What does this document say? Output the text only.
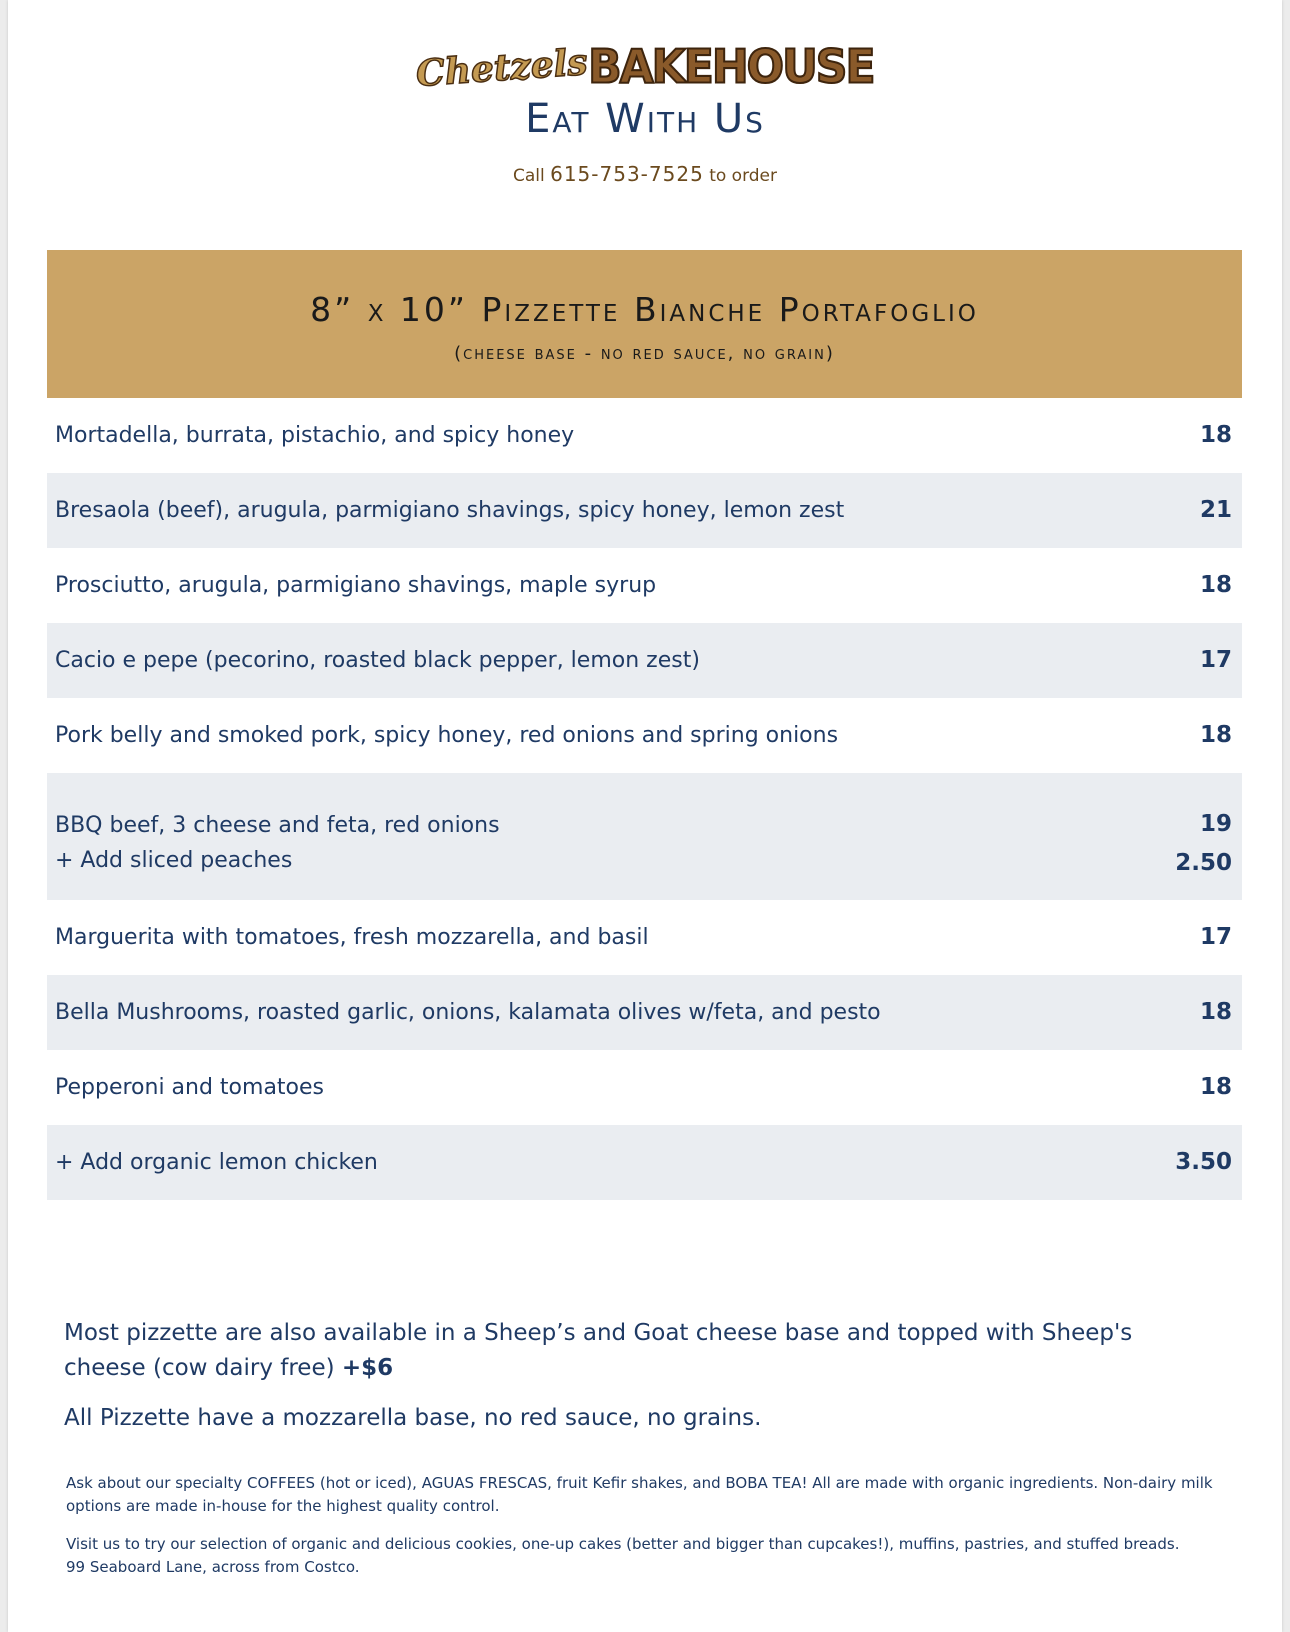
ChetzelsBAKEHOUSE
Eat With Us
Call 615-753-7525 to order
8” x 10” Pizzette Bianche Portafoglio
(cheese base - no red sauce, no grain)
Mortadella, burrata, pistachio, and spicy honey	18
Bresaola (beef), arugula, parmigiano shavings, spicy honey, lemon zest	21
Prosciutto, arugula, parmigiano shavings, maple syrup	18
Cacio e pepe (pecorino, roasted black pepper, lemon zest)	17
Pork belly and smoked pork, spicy honey, red onions and spring onions	18
BBQ beef, 3 cheese and feta, red onions	19
+ Add sliced peaches	2.50
Marguerita with tomatoes, fresh mozzarella, and basil	17
Bella Mushrooms, roasted garlic, onions, kalamata olives w/feta, and pesto	18
Pepperoni and tomatoes	18
+ Add organic lemon chicken	3.50
Most pizzette are also available in a Sheep’s and Goat cheese base and topped with Sheep's cheese (cow dairy free) +$6
All Pizzette have a mozzarella base, no red sauce, no grains.
Ask about our specialty COFFEES (hot or iced), AGUAS FRESCAS, fruit Kefir shakes, and BOBA TEA! All are made with organic ingredients. Non-dairy milk options are made in-house for the highest quality control.
Visit us to try our selection of organic and delicious cookies, one-up cakes (better and bigger than cupcakes!), muffins, pastries, and stuffed breads.
99 Seaboard Lane, across from Costco.
